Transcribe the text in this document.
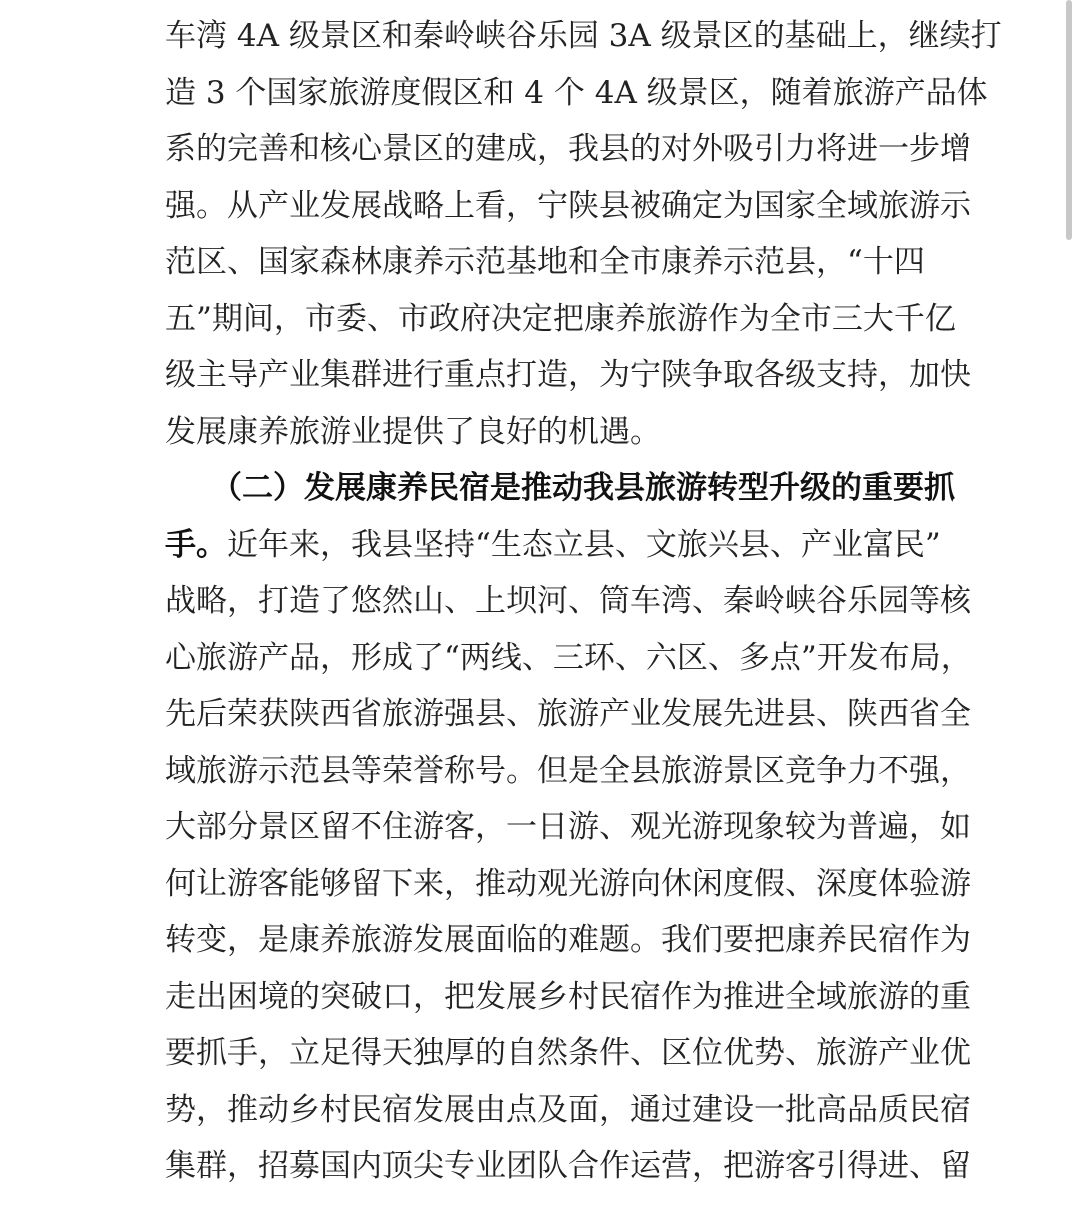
车湾 4A 级景区和秦岭峡谷乐园 3A 级景区的基础上，继续打
造 3 个国家旅游度假区和 4 个 4A 级景区，随着旅游产品体
系的完善和核心景区的建成，我县的对外吸引力将进一步增
强。从产业发展战略上看，宁陕县被确定为国家全域旅游示
范区、国家森林康养示范基地和全市康养示范县，“十四
五”期间，市委、市政府决定把康养旅游作为全市三大千亿
级主导产业集群进行重点打造，为宁陕争取各级支持，加快
发展康养旅游业提供了良好的机遇。
（二）发展康养民宿是推动我县旅游转型升级的重要抓
手。近年来，我县坚持“生态立县、文旅兴县、产业富民”
战略，打造了悠然山、上坝河、筒车湾、秦岭峡谷乐园等核
心旅游产品，形成了“两线、三环、六区、多点”开发布局，
先后荣获陕西省旅游强县、旅游产业发展先进县、陕西省全
域旅游示范县等荣誉称号。但是全县旅游景区竞争力不强，
大部分景区留不住游客，一日游、观光游现象较为普遍，如
何让游客能够留下来，推动观光游向休闲度假、深度体验游
转变，是康养旅游发展面临的难题。我们要把康养民宿作为
走出困境的突破口，把发展乡村民宿作为推进全域旅游的重
要抓手，立足得天独厚的自然条件、区位优势、旅游产业优
势，推动乡村民宿发展由点及面，通过建设一批高品质民宿
集群，招募国内顶尖专业团队合作运营，把游客引得进、留
